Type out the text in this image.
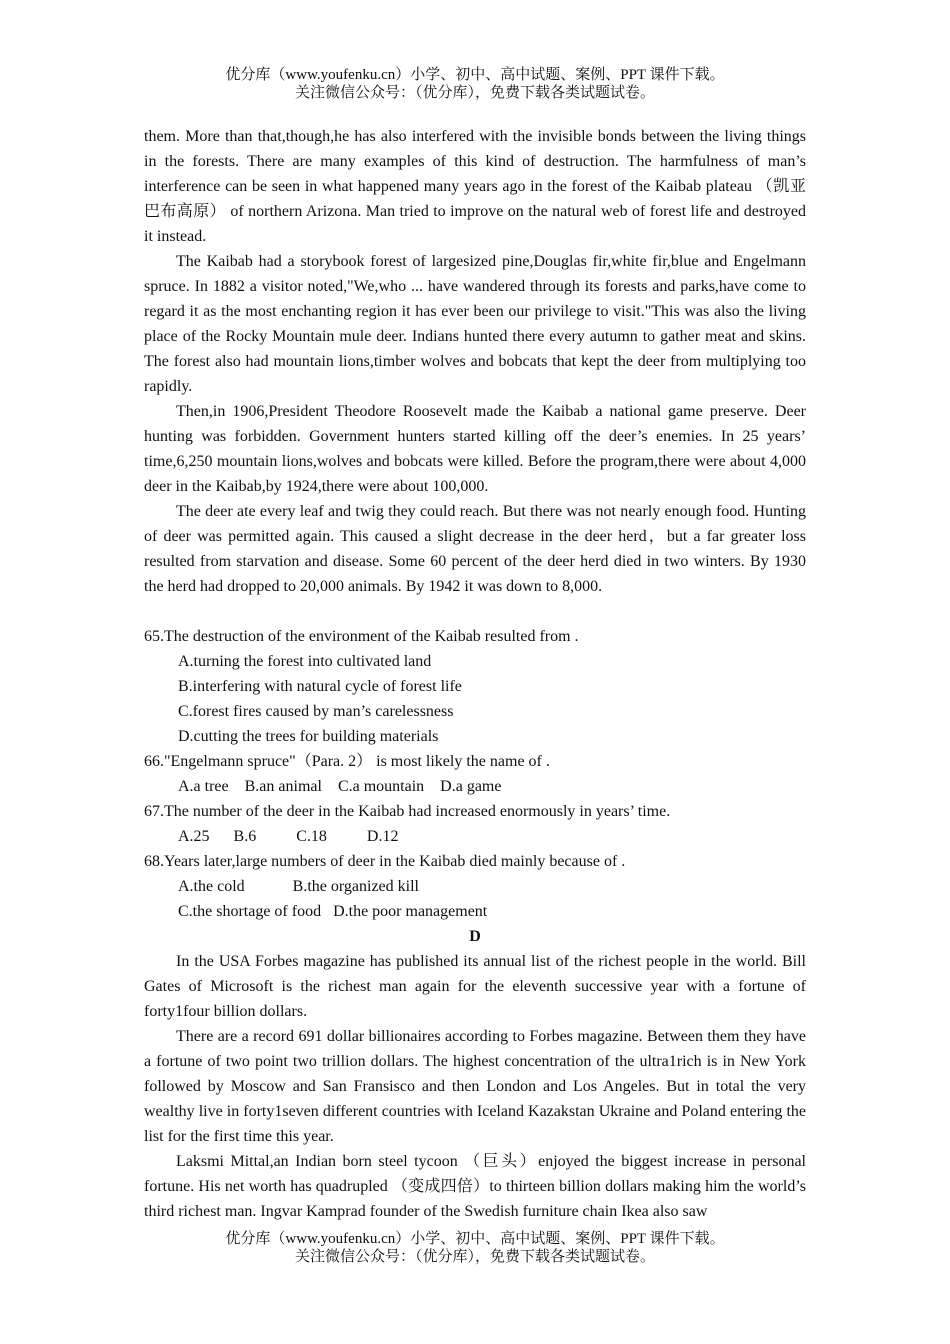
优分库（www.youfenku.cn）小学、初中、高中试题、案例、PPT 课件下载。
关注微信公众号：（优分库），免费下载各类试题试卷。

them. More than that,though,he has also interfered with the invisible bonds between the living things in the forests. There are many examples of this kind of destruction. The harmfulness of man’s interference can be seen in what happened many years ago in the forest of the Kaibab plateau （凯亚巴布高原） of northern Arizona. Man tried to improve on the natural web of forest life and destroyed it instead.

The Kaibab had a storybook forest of largesized pine,Douglas fir,white fir,blue and Engelmann spruce. In 1882 a visitor noted,"We,who ... have wandered through its forests and parks,have come to regard it as the most enchanting region it has ever been our privilege to visit."This was also the living place of the Rocky Mountain mule deer. Indians hunted there every autumn to gather meat and skins. The forest also had mountain lions,timber wolves and bobcats that kept the deer from multiplying too rapidly.

Then,in 1906,President Theodore Roosevelt made the Kaibab a national game preserve. Deer hunting was forbidden. Government hunters started killing off the deer’s enemies. In 25 years’ time,6,250 mountain lions,wolves and bobcats were killed. Before the program,there were about 4,000 deer in the Kaibab,by 1924,there were about 100,000.

The deer ate every leaf and twig they could reach. But there was not nearly enough food. Hunting of deer was permitted again. This caused a slight decrease in the deer herd，but a far greater loss resulted from starvation and disease. Some 60 percent of the deer herd died in two winters. By 1930 the herd had dropped to 20,000 animals. By 1942 it was down to 8,000.

65.The destruction of the environment of the Kaibab resulted from .

A.turning the forest into cultivated land
B.interfering with natural cycle of forest life
C.forest fires caused by man’s carelessness
D.cutting the trees for building materials

66."Engelmann spruce"（Para. 2） is most likely the name of .

A.a tree    B.an animal    C.a mountain    D.a game

67.The number of the deer in the Kaibab had increased enormously in years’ time.

A.25      B.6          C.18          D.12

68.Years later,large numbers of deer in the Kaibab died mainly because of .

A.the cold            B.the organized kill
C.the shortage of food   D.the poor management

D

In the USA Forbes magazine has published its annual list of the richest people in the world. Bill Gates of Microsoft is the richest man again for the eleventh successive year with a fortune of forty1four billion dollars.

There are a record 691 dollar billionaires according to Forbes magazine. Between them they have a fortune of two point two trillion dollars. The highest concentration of the ultra1rich is in New York followed by Moscow and San Fransisco and then London and Los Angeles. But in total the very wealthy live in forty1seven different countries with Iceland Kazakstan Ukraine and Poland entering the list for the first time this year.

Laksmi Mittal,an Indian born steel tycoon （巨头）enjoyed the biggest increase in personal fortune. His net worth has quadrupled （变成四倍）to thirteen billion dollars making him the world’s third richest man. Ingvar Kamprad founder of the Swedish furniture chain Ikea also saw

优分库（www.youfenku.cn）小学、初中、高中试题、案例、PPT 课件下载。
关注微信公众号：（优分库），免费下载各类试题试卷。
